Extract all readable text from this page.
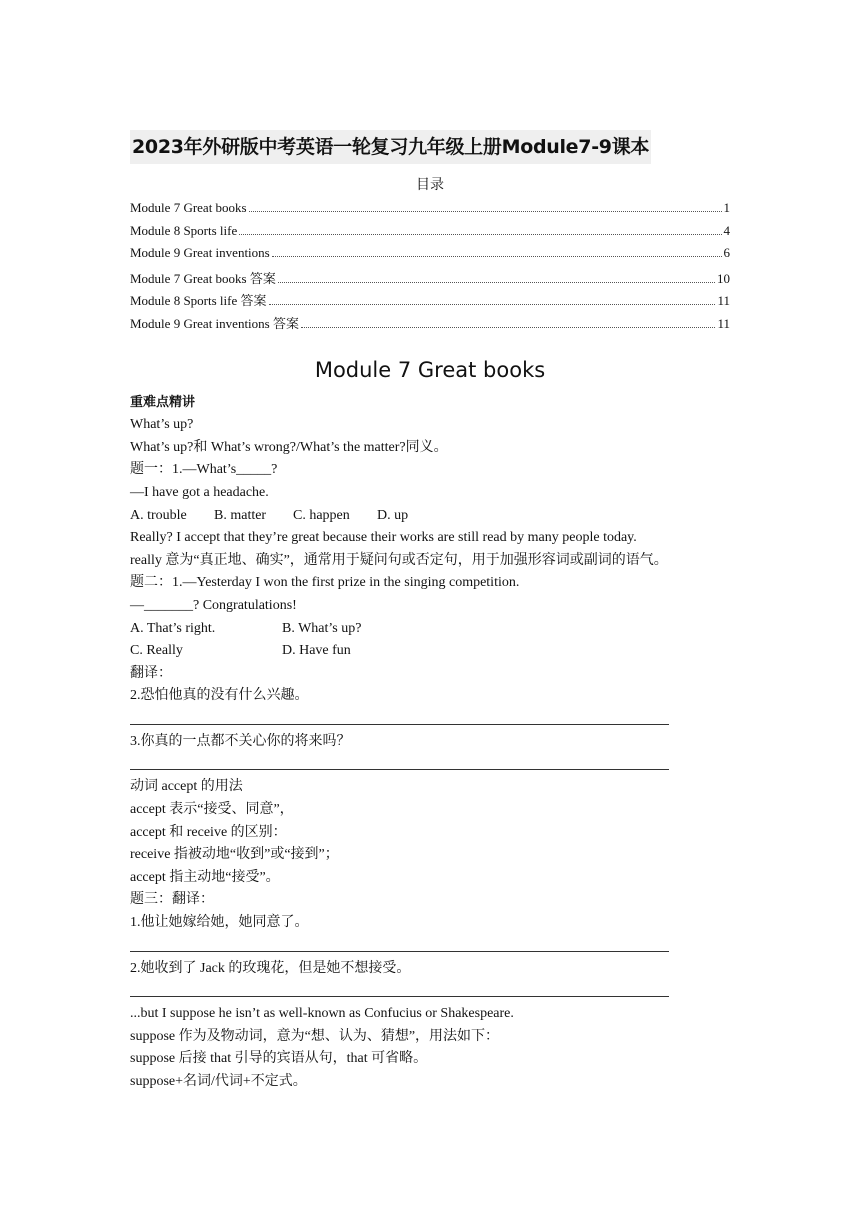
2023年外研版中考英语一轮复习九年级上册Module7-9课本
目录
Module 7 Great books	1
Module 8 Sports life	4
Module 9 Great inventions	6
Module 7 Great books 答案	10
Module 8 Sports life 答案	11
Module 9 Great inventions 答案	11
Module 7 Great books
重难点精讲
What’s up?
What’s up?和 What’s wrong?/What’s the matter?同义。
题一：1.—What’s_____?
—I have got a headache.
A. trouble	B. matter	C. happen	D. up
Really? I accept that they’re great because their works are still read by many people today.
really 意为“真正地、确实”，通常用于疑问句或否定句，用于加强形容词或副词的语气。
题二：1.—Yesterday I won the first prize in the singing competition.
—_______? Congratulations!
A. That’s right.	B. What’s up?
C. Really	D. Have fun
翻译：
2.恐怕他真的没有什么兴趣。
3.你真的一点都不关心你的将来吗？
动词 accept 的用法
accept 表示“接受、同意”，
accept 和 receive 的区别：
receive 指被动地“收到”或“接到”；
accept 指主动地“接受”。
题三：翻译：
1.他让她嫁给她，她同意了。
2.她收到了 Jack 的玫瑰花，但是她不想接受。
...but I suppose he isn’t as well-known as Confucius or Shakespeare.
suppose 作为及物动词，意为“想、认为、猜想”，用法如下：
suppose 后接 that 引导的宾语从句，that 可省略。
suppose+名词/代词+不定式。
